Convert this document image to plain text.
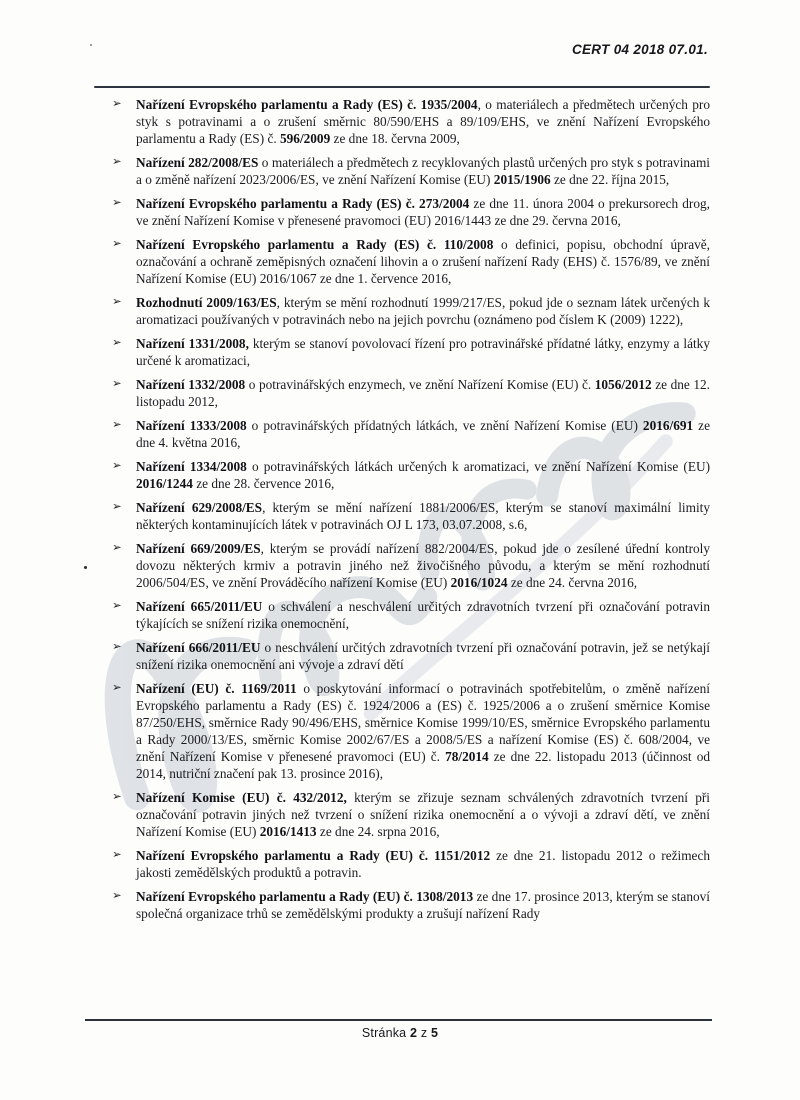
CERT 04 2018 07.01.
➢ Nařízení Evropského parlamentu a Rady (ES) č. 1935/2004, o materiálech a předmětech určených pro styk s potravinami a o zrušení směrnic 80/590/EHS a 89/109/EHS, ve znění Nařízení Evropského parlamentu a Rady (ES) č. 596/2009 ze dne 18. června 2009,
➢ Nařízení 282/2008/ES o materiálech a předmětech z recyklovaných plastů určených pro styk s potravinami a o změně nařízení 2023/2006/ES, ve znění Nařízení Komise (EU) 2015/1906 ze dne 22. října 2015,
➢ Nařízení Evropského parlamentu a Rady (ES) č. 273/2004 ze dne 11. února 2004 o prekursorech drog, ve znění Nařízení Komise v přenesené pravomoci (EU) 2016/1443 ze dne 29. června 2016,
➢ Nařízení Evropského parlamentu a Rady (ES) č. 110/2008 o definici, popisu, obchodní úpravě, označování a ochraně zeměpisných označení lihovin a o zrušení nařízení Rady (EHS) č. 1576/89, ve znění Nařízení Komise (EU) 2016/1067 ze dne 1. července 2016,
➢ Rozhodnutí 2009/163/ES, kterým se mění rozhodnutí 1999/217/ES, pokud jde o seznam látek určených k aromatizaci používaných v potravinách nebo na jejich povrchu (oznámeno pod číslem K (2009) 1222),
➢ Nařízení 1331/2008, kterým se stanoví povolovací řízení pro potravinářské přídatné látky, enzymy a látky určené k aromatizaci,
➢ Nařízení 1332/2008 o potravinářských enzymech, ve znění Nařízení Komise (EU) č. 1056/2012 ze dne 12. listopadu 2012,
➢ Nařízení 1333/2008 o potravinářských přídatných látkách, ve znění Nařízení Komise (EU) 2016/691 ze dne 4. května 2016,
➢ Nařízení 1334/2008 o potravinářských látkách určených k aromatizaci, ve znění Nařízení Komise (EU) 2016/1244 ze dne 28. července 2016,
➢ Nařízení 629/2008/ES, kterým se mění nařízení 1881/2006/ES, kterým se stanoví maximální limity některých kontaminujících látek v potravinách OJ L 173, 03.07.2008, s.6,
➢ Nařízení 669/2009/ES, kterým se provádí nařízení 882/2004/ES, pokud jde o zesílené úřední kontroly dovozu některých krmiv a potravin jiného než živočišného původu, a kterým se mění rozhodnutí 2006/504/ES, ve znění Prováděcího nařízení Komise (EU) 2016/1024 ze dne 24. června 2016,
➢ Nařízení 665/2011/EU o schválení a neschválení určitých zdravotních tvrzení při označování potravin týkajících se snížení rizika onemocnění,
➢ Nařízení 666/2011/EU o neschválení určitých zdravotních tvrzení při označování potravin, jež se netýkají snížení rizika onemocnění ani vývoje a zdraví dětí
➢ Nařízení (EU) č. 1169/2011 o poskytování informací o potravinách spotřebitelům, o změně nařízení Evropského parlamentu a Rady (ES) č. 1924/2006 a (ES) č. 1925/2006 a o zrušení směrnice Komise 87/250/EHS, směrnice Rady 90/496/EHS, směrnice Komise 1999/10/ES, směrnice Evropského parlamentu a Rady 2000/13/ES, směrnic Komise 2002/67/ES a 2008/5/ES a nařízení Komise (ES) č. 608/2004, ve znění Nařízení Komise v přenesené pravomoci (EU) č. 78/2014 ze dne 22. listopadu 2013 (účinnost od 2014, nutriční značení pak 13. prosince 2016),
➢ Nařízení Komise (EU) č. 432/2012, kterým se zřizuje seznam schválených zdravotních tvrzení při označování potravin jiných než tvrzení o snížení rizika onemocnění a o vývoji a zdraví dětí, ve znění Nařízení Komise (EU) 2016/1413 ze dne 24. srpna 2016,
➢ Nařízení Evropského parlamentu a Rady (EU) č. 1151/2012 ze dne 21. listopadu 2012 o režimech jakosti zemědělských produktů a potravin.
➢ Nařízení Evropského parlamentu a Rady (EU) č. 1308/2013 ze dne 17. prosince 2013, kterým se stanoví společná organizace trhů se zemědělskými produkty a zrušují nařízení Rady
Stránka 2 z 5
